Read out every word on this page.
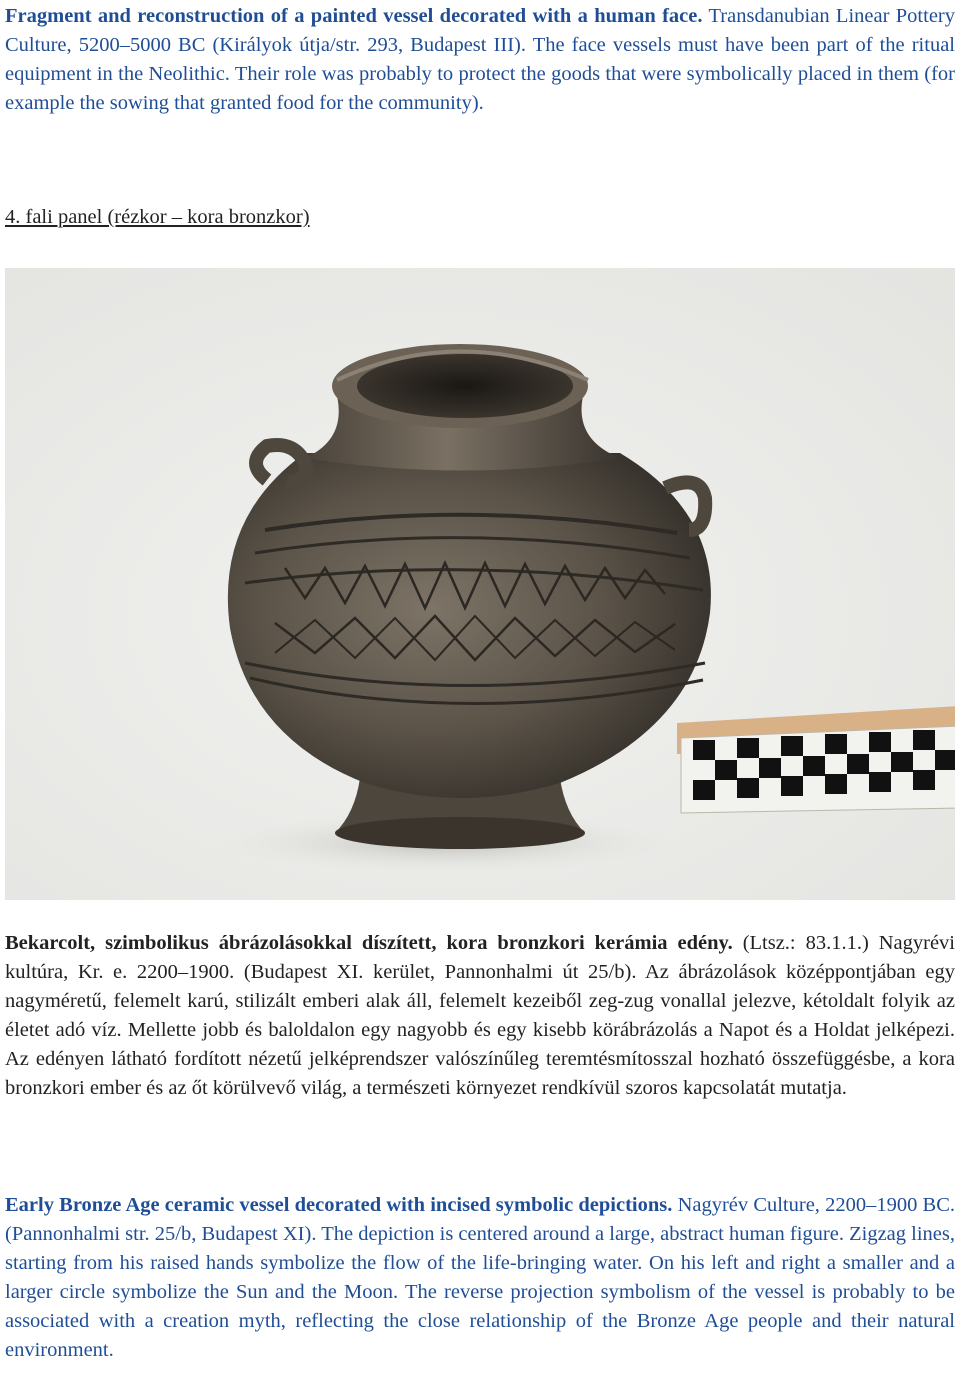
Fragment and reconstruction of a painted vessel decorated with a human face. Transdanubian Linear Pottery Culture, 5200–5000 BC (Királyok útja/str. 293, Budapest III). The face vessels must have been part of the ritual equipment in the Neolithic. Their role was probably to protect the goods that were symbolically placed in them (for example the sowing that granted food for the community).

4. fali panel (rézkor – kora bronzkor)

Bekarcolt, szimbolikus ábrázolásokkal díszített, kora bronzkori kerámia edény. (Ltsz.: 83.1.1.) Nagyrévi kultúra, Kr. e. 2200–1900. (Budapest XI. kerület, Pannonhalmi út 25/b). Az ábrázolások középpontjában egy nagyméretű, felemelt karú, stilizált emberi alak áll, felemelt kezeiből zeg-zug vonallal jelezve, kétoldalt folyik az életet adó víz. Mellette jobb és baloldalon egy nagyobb és egy kisebb körábrázolás a Napot és a Holdat jelképezi. Az edényen látható fordított nézetű jelképrendszer valószínűleg teremtésmítosszal hozható összefüggésbe, a kora bronzkori ember és az őt körülvevő világ, a természeti környezet rendkívül szoros kapcsolatát mutatja.

Early Bronze Age ceramic vessel decorated with incised symbolic depictions. Nagyrév Culture, 2200–1900 BC. (Pannonhalmi str. 25/b, Budapest XI). The depiction is centered around a large, abstract human figure. Zigzag lines, starting from his raised hands symbolize the flow of the life-bringing water. On his left and right a smaller and a larger circle symbolize the Sun and the Moon. The reverse projection symbolism of the vessel is probably to be associated with a creation myth, reflecting the close relationship of the Bronze Age people and their natural environment.
